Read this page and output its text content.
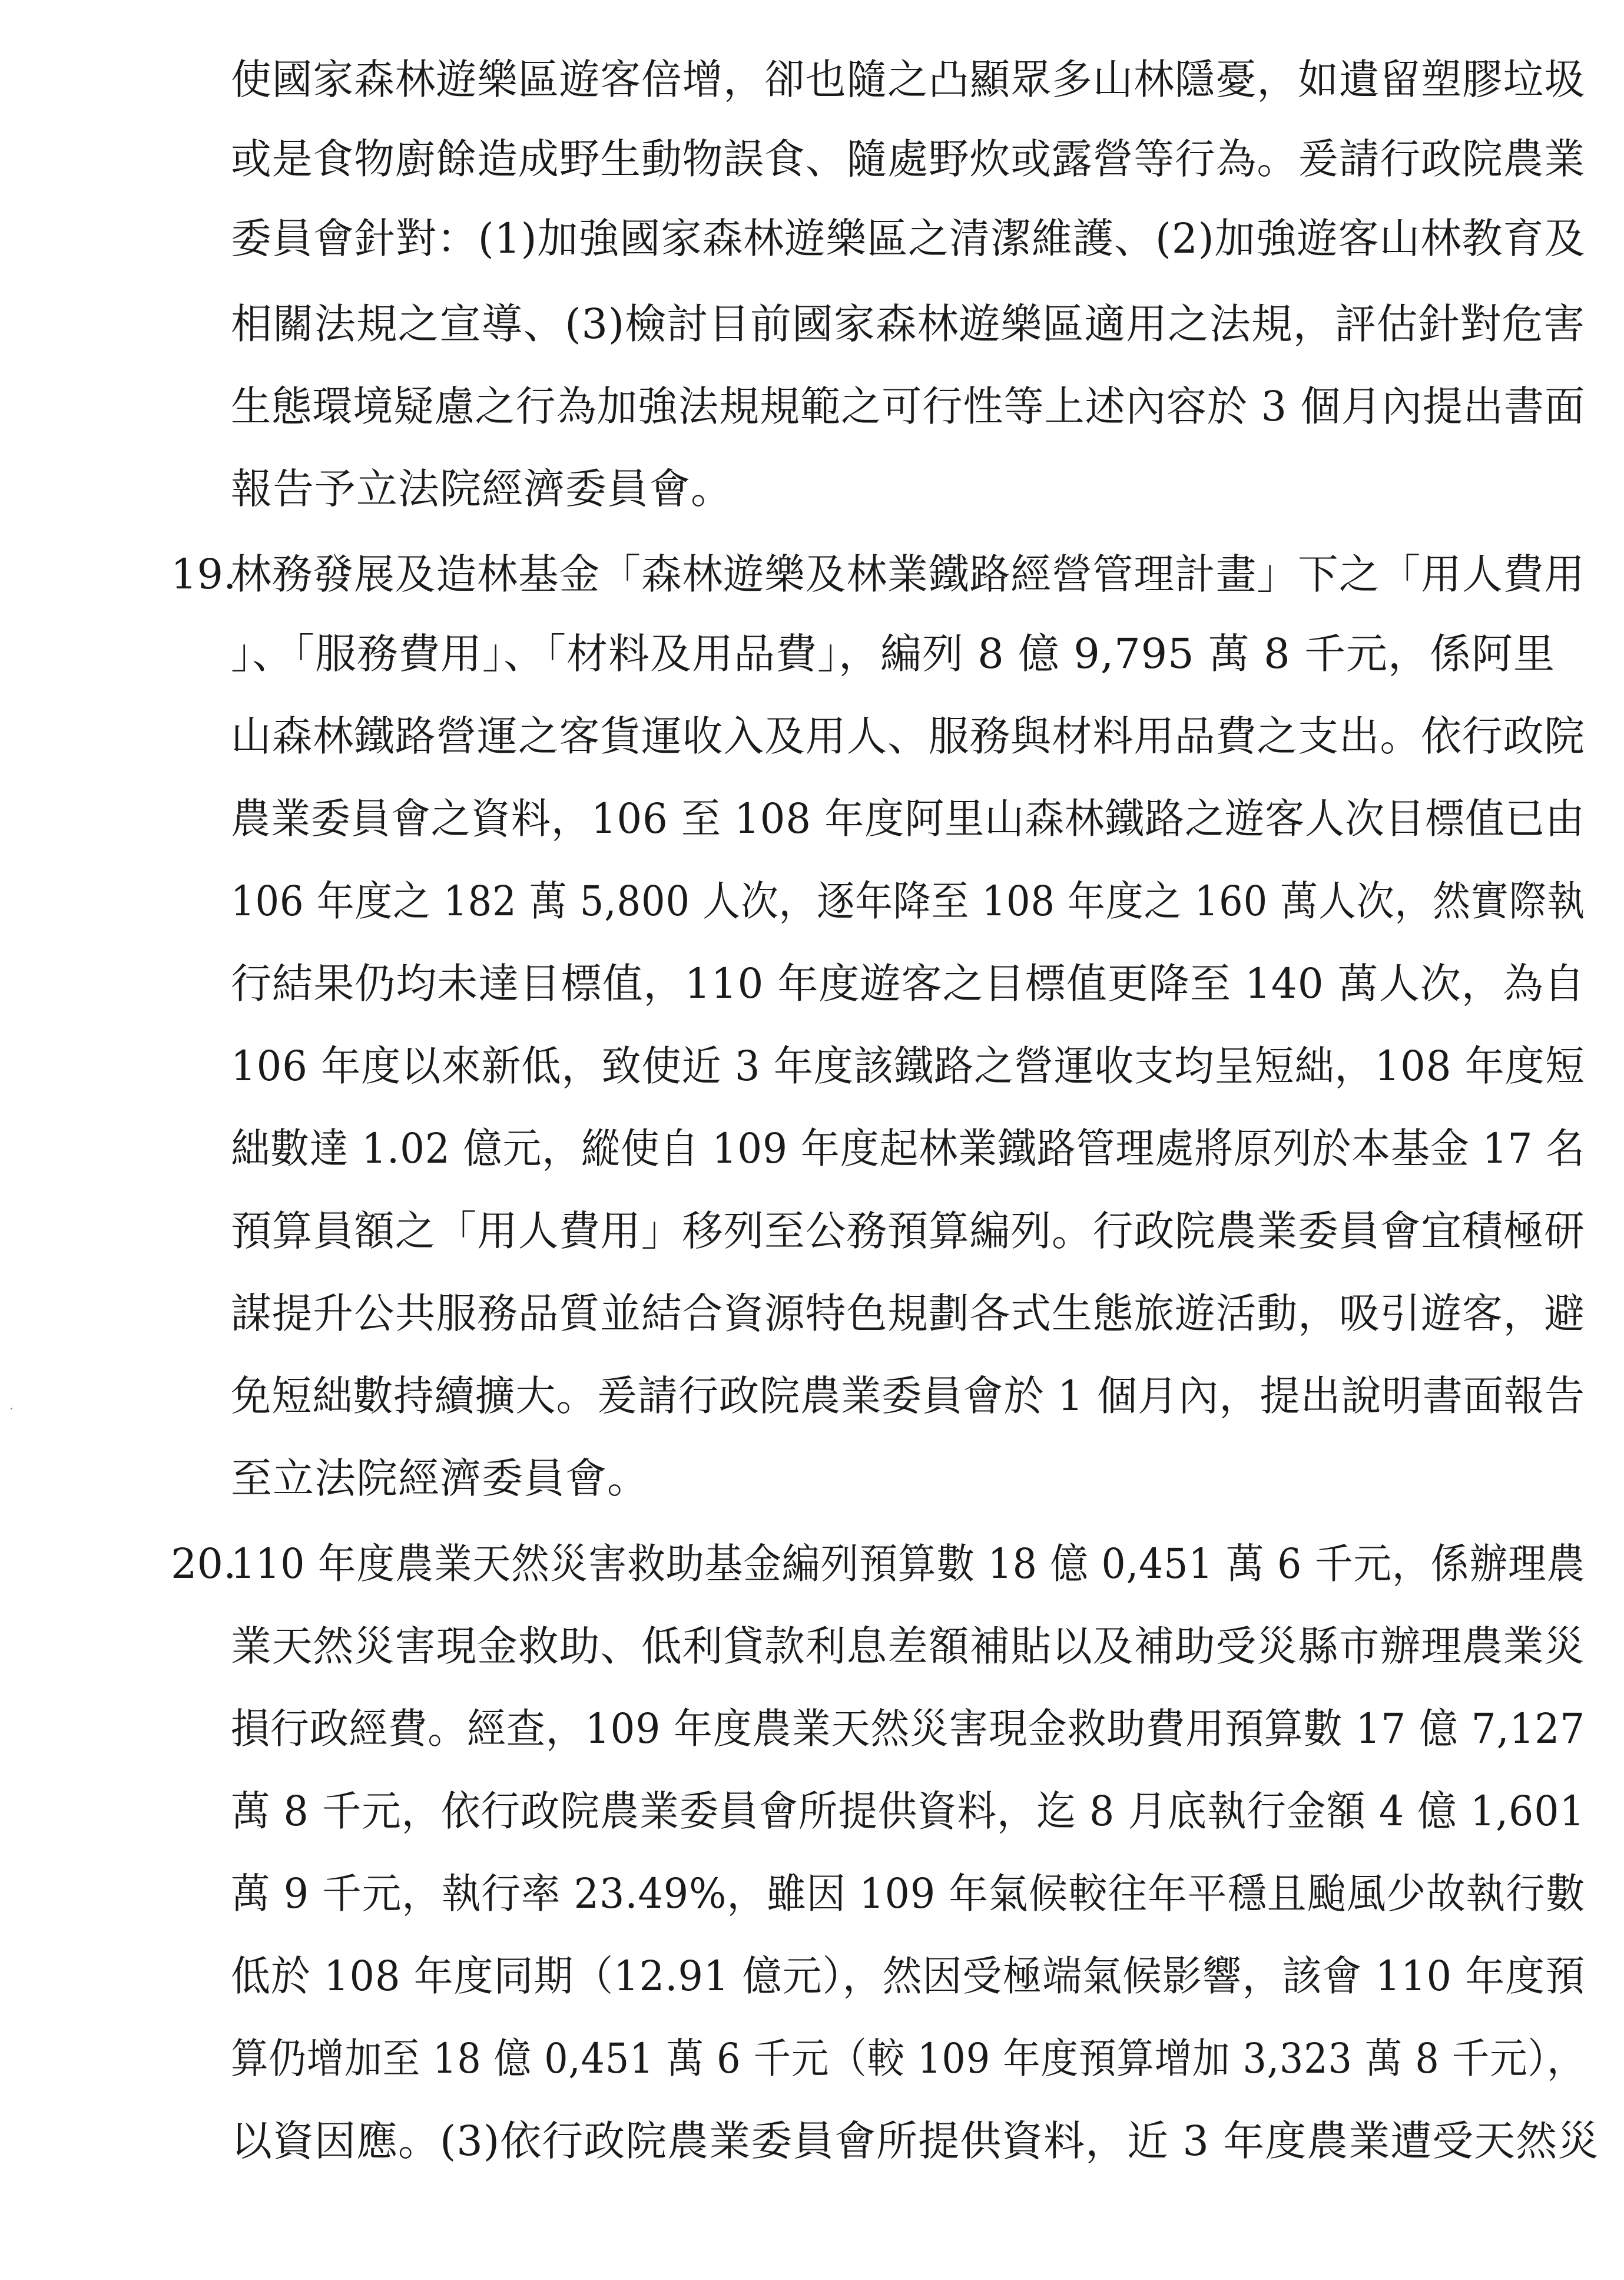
使國家森林遊樂區遊客倍增，卻也隨之凸顯眾多山林隱憂，如遺留塑膠垃圾
或是食物廚餘造成野生動物誤食、隨處野炊或露營等行為。爰請行政院農業
委員會針對：(1)加強國家森林遊樂區之清潔維護、(2)加強遊客山林教育及
相關法規之宣導、(3)檢討目前國家森林遊樂區適用之法規，評估針對危害
生態環境疑慮之行為加強法規規範之可行性等上述內容於 3 個月內提出書面
報告予立法院經濟委員會。
19.
林務發展及造林基金「森林遊樂及林業鐵路經營管理計畫」下之「用人費用
」、「服務費用」、「材料及用品費」，編列 8 億 9,795 萬 8 千元，係阿里
山森林鐵路營運之客貨運收入及用人、服務與材料用品費之支出。依行政院
農業委員會之資料，106 至 108 年度阿里山森林鐵路之遊客人次目標值已由
106 年度之 182 萬 5,800 人次，逐年降至 108 年度之 160 萬人次，然實際執
行結果仍均未達目標值，110 年度遊客之目標值更降至 140 萬人次，為自
106 年度以來新低，致使近 3 年度該鐵路之營運收支均呈短絀，108 年度短
絀數達 1.02 億元，縱使自 109 年度起林業鐵路管理處將原列於本基金 17 名
預算員額之「用人費用」移列至公務預算編列。行政院農業委員會宜積極研
謀提升公共服務品質並結合資源特色規劃各式生態旅遊活動，吸引遊客，避
免短絀數持續擴大。爰請行政院農業委員會於 1 個月內，提出說明書面報告
至立法院經濟委員會。
20.
110 年度農業天然災害救助基金編列預算數 18 億 0,451 萬 6 千元，係辦理農
業天然災害現金救助、低利貸款利息差額補貼以及補助受災縣市辦理農業災
損行政經費。經查，109 年度農業天然災害現金救助費用預算數 17 億 7,127
萬 8 千元，依行政院農業委員會所提供資料，迄 8 月底執行金額 4 億 1,601
萬 9 千元，執行率 23.49%，雖因 109 年氣候較往年平穩且颱風少故執行數
低於 108 年度同期（12.91 億元），然因受極端氣候影響，該會 110 年度預
算仍增加至 18 億 0,451 萬 6 千元（較 109 年度預算增加 3,323 萬 8 千元），
以資因應。(3)依行政院農業委員會所提供資料，近 3 年度農業遭受天然災
